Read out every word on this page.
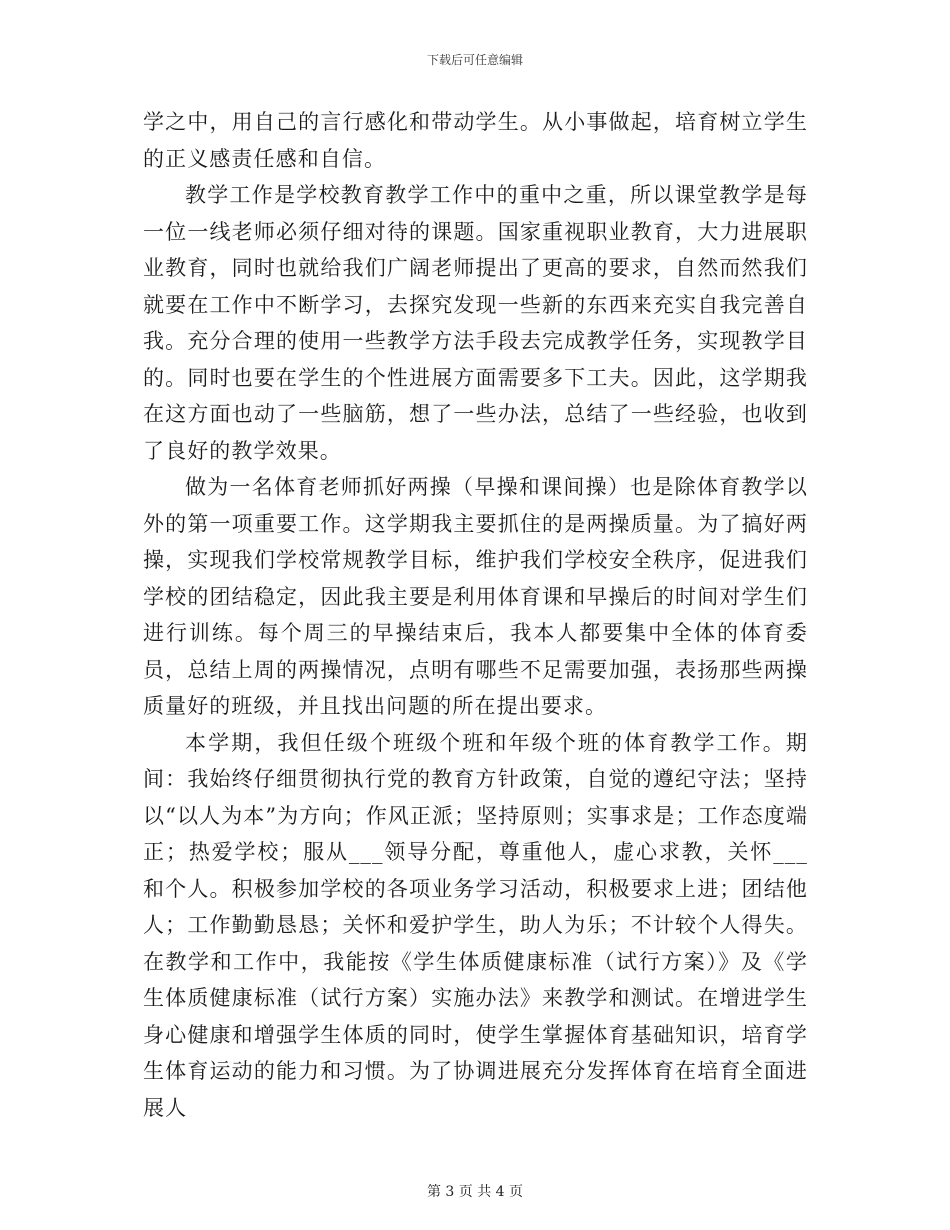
下载后可任意编辑

学之中，用自己的言行感化和带动学生。从小事做起，培育树立学生的正义感责任感和自信。

教学工作是学校教育教学工作中的重中之重，所以课堂教学是每一位一线老师必须仔细对待的课题。国家重视职业教育，大力进展职业教育，同时也就给我们广阔老师提出了更高的要求，自然而然我们就要在工作中不断学习，去探究发现一些新的东西来充实自我完善自我。充分合理的使用一些教学方法手段去完成教学任务，实现教学目的。同时也要在学生的个性进展方面需要多下工夫。因此，这学期我在这方面也动了一些脑筋，想了一些办法，总结了一些经验，也收到了良好的教学效果。

做为一名体育老师抓好两操（早操和课间操）也是除体育教学以外的第一项重要工作。这学期我主要抓住的是两操质量。为了搞好两操，实现我们学校常规教学目标，维护我们学校安全秩序，促进我们学校的团结稳定，因此我主要是利用体育课和早操后的时间对学生们进行训练。每个周三的早操结束后，我本人都要集中全体的体育委员，总结上周的两操情况，点明有哪些不足需要加强，表扬那些两操质量好的班级，并且找出问题的所在提出要求。

本学期，我但任级个班级个班和年级个班的体育教学工作。期间：我始终仔细贯彻执行党的教育方针政策，自觉的遵纪守法；坚持以“以人为本”为方向；作风正派；坚持原则；实事求是；工作态度端正；热爱学校；服从___领导分配，尊重他人，虚心求教，关怀___和个人。积极参加学校的各项业务学习活动，积极要求上进；团结他人；工作勤勤恳恳；关怀和爱护学生，助人为乐；不计较个人得失。在教学和工作中，我能按《学生体质健康标准（试行方案）》及《学生体质健康标准（试行方案）实施办法》来教学和测试。在增进学生身心健康和增强学生体质的同时，使学生掌握体育基础知识，培育学生体育运动的能力和习惯。为了协调进展充分发挥体育在培育全面进展人

第 3 页 共 4 页
